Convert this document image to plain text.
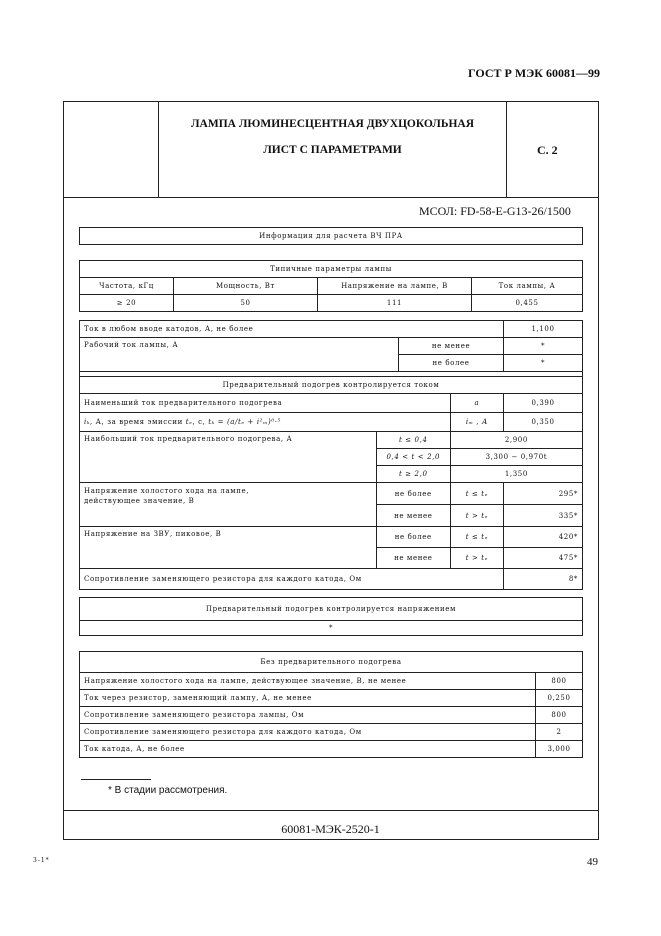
ГОСТ Р МЭК 60081—99
ЛАМПА ЛЮМИНЕСЦЕНТНАЯ ДВУХЦОКОЛЬНАЯ
ЛИСТ С ПАРАМЕТРАМИ	С. 2
МСОЛ: FD-58-E-G13-26/1500
Информация для расчета ВЧ ПРА
Типичные параметры лампы			
Частота, кГц	Мощность, Вт	Напряжение на лампе, В	Ток лампы, А
≥ 20	50	111	0,455
Ток в любом вводе катодов, А, не более		1,100
Рабочий ток лампы, А	не менее	*
	не более	*

Предварительный подогрев контролируется током			
Наименьший ток предварительного подогрева		a	0,390
iₖ, А, за время эмиссии tₑ, с, tₖ = (a/tₑ + i²ₘ)⁰·⁵		iₘ , А	0,350
Наибольший ток предварительного подогрева, А	t ≤ 0,4	2,900	
	0,4 < t < 2,0	3,300 − 0,970t	
	t ≥ 2,0	1,350	
Напряжение холостого хода на лампе,
действующее значение, В	не более	t ≤ tₑ	295*
	не менее	t > tₑ	335*
Напряжение на ЗВУ, пиковое, В	не более	t ≤ tₑ	420*
	не менее	t > tₑ	475*
Сопротивление заменяющего резистора для каждого катода, Ом			8*
Предварительный подогрев контролируется напряжением
*
Без предварительного подогрева	
Напряжение холостого хода на лампе, действующее значение, В, не менее	800
Ток через резистор, заменяющий лампу, А, не менее	0,250
Сопротивление заменяющего резистора лампы, Ом	800
Сопротивление заменяющего резистора для каждого катода, Ом	2
Ток катода, А, не более	3,000
* В стадии рассмотрения.
60081-МЭК-2520-1
3-1*	49
